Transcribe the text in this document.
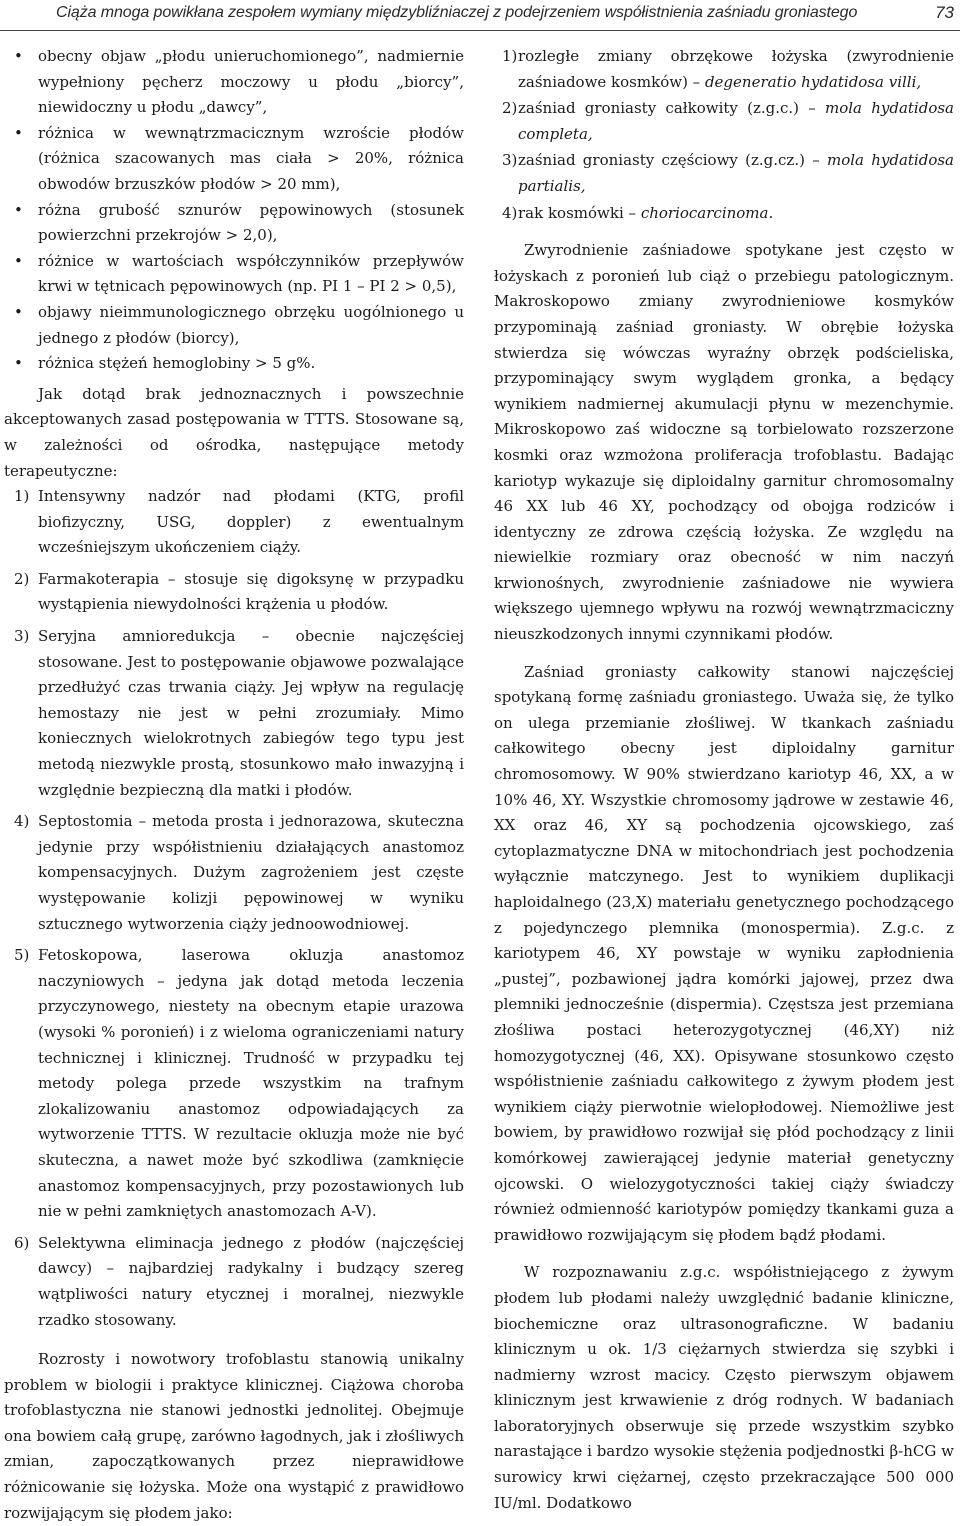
Ciąża mnoga powikłana zespołem wymiany międzybliźniaczej z podejrzeniem współistnienia zaśniadu groniastego	73
• obecny objaw „płodu unieruchomionego”, nadmiernie wypełniony pęcherz moczowy u płodu „biorcy”, niewidoczny u płodu „dawcy”,
• różnica w wewnątrzmacicznym wzroście płodów (różnica szacowanych mas ciała > 20%, różnica obwodów brzuszków płodów > 20 mm),
• różna grubość sznurów pępowinowych (stosunek powierzchni przekrojów > 2,0),
• różnice w wartościach współczynników przepływów krwi w tętnicach pępowinowych (np. PI 1 – PI 2 > 0,5),
• objawy nieimmunologicznego obrzęku uogólnionego u jednego z płodów (biorcy),
• różnica stężeń hemoglobiny > 5 g%.

Jak dotąd brak jednoznacznych i powszechnie akceptowanych zasad postępowania w TTTS. Stosowane są, w zależności od ośrodka, następujące metody terapeutyczne:

1) Intensywny nadzór nad płodami (KTG, profil biofizyczny, USG, doppler) z ewentualnym wcześniejszym ukończeniem ciąży.
2) Farmakoterapia – stosuje się digoksynę w przypadku wystąpienia niewydolności krążenia u płodów.
3) Seryjna amnioredukcja – obecnie najczęściej stosowane. Jest to postępowanie objawowe pozwalające przedłużyć czas trwania ciąży. Jej wpływ na regulację hemostazy nie jest w pełni zrozumiały. Mimo koniecznych wielokrotnych zabiegów tego typu jest metodą niezwykle prostą, stosunkowo mało inwazyjną i względnie bezpieczną dla matki i płodów.
4) Septostomia – metoda prosta i jednorazowa, skuteczna jedynie przy współistnieniu działających anastomoz kompensacyjnych. Dużym zagrożeniem jest częste występowanie kolizji pępowinowej w wyniku sztucznego wytworzenia ciąży jednoowodniowej.
5) Fetoskopowa, laserowa okluzja anastomoz naczyniowych – jedyna jak dotąd metoda leczenia przyczynowego, niestety na obecnym etapie urazowa (wysoki % poronień) i z wieloma ograniczeniami natury technicznej i klinicznej. Trudność w przypadku tej metody polega przede wszystkim na trafnym zlokalizowaniu anastomoz odpowiadających za wytworzenie TTTS. W rezultacie okluzja może nie być skuteczna, a nawet może być szkodliwa (zamknięcie anastomoz kompensacyjnych, przy pozostawionych lub nie w pełni zamkniętych anastomozach A-V).
6) Selektywna eliminacja jednego z płodów (najczęściej dawcy) – najbardziej radykalny i budzący szereg wątpliwości natury etycznej i moralnej, niezwykle rzadko stosowany.

Rozrosty i nowotwory trofoblastu stanowią unikalny problem w biologii i praktyce klinicznej. Ciążowa choroba trofoblastyczna nie stanowi jednostki jednolitej. Obejmuje ona bowiem całą grupę, zarówno łagodnych, jak i złośliwych zmian, zapoczątkowanych przez nieprawidłowe różnicowanie się łożyska. Może ona wystąpić z prawidłowo rozwijającym się płodem jako:

1) rozległe zmiany obrzękowe łożyska (zwyrodnienie zaśniadowe kosmków) – degeneratio hydatidosa villi,
2) zaśniad groniasty całkowity (z.g.c.) – mola hydatidosa completa,
3) zaśniad groniasty częściowy (z.g.cz.) – mola hydatidosa partialis,
4) rak kosmówki – choriocarcinoma.

Zwyrodnienie zaśniadowe spotykane jest często w łożyskach z poronień lub ciąż o przebiegu patologicznym. Makroskopowo zmiany zwyrodnieniowe kosmyków przypominają zaśniad groniasty. W obrębie łożyska stwierdza się wówczas wyraźny obrzęk podścieliska, przypominający swym wyglądem gronka, a będący wynikiem nadmiernej akumulacji płynu w mezenchymie. Mikroskopowo zaś widoczne są torbielowato rozszerzone kosmki oraz wzmożona proliferacja trofoblastu. Badając kariotyp wykazuje się diploidalny garnitur chromosomalny 46 XX lub 46 XY, pochodzący od obojga rodziców i identyczny ze zdrowa częścią łożyska. Ze względu na niewielkie rozmiary oraz obecność w nim naczyń krwionośnych, zwyrodnienie zaśniadowe nie wywiera większego ujemnego wpływu na rozwój wewnątrzmaciczny nieuszkodzonych innymi czynnikami płodów.

Zaśniad groniasty całkowity stanowi najczęściej spotykaną formę zaśniadu groniastego. Uważa się, że tylko on ulega przemianie złośliwej. W tkankach zaśniadu całkowitego obecny jest diploidalny garnitur chromosomowy. W 90% stwierdzano kariotyp 46, XX, a w 10% 46, XY. Wszystkie chromosomy jądrowe w zestawie 46, XX oraz 46, XY są pochodzenia ojcowskiego, zaś cytoplazmatyczne DNA w mitochondriach jest pochodzenia wyłącznie matczynego. Jest to wynikiem duplikacji haploidalnego (23,X) materiału genetycznego pochodzącego z pojedynczego plemnika (monospermia). Z.g.c. z kariotypem 46, XY powstaje w wyniku zapłodnienia „pustej”, pozbawionej jądra komórki jajowej, przez dwa plemniki jednocześnie (dispermia). Częstsza jest przemiana złośliwa postaci heterozygotycznej (46,XY) niż homozygotycznej (46, XX). Opisywane stosunkowo często współistnienie zaśniadu całkowitego z żywym płodem jest wynikiem ciąży pierwotnie wielopłodowej. Niemożliwe jest bowiem, by prawidłowo rozwijał się płód pochodzący z linii komórkowej zawierającej jedynie materiał genetyczny ojcowski. O wielozygotyczności takiej ciąży świadczy również odmienność kariotypów pomiędzy tkankami guza a prawidłowo rozwijającym się płodem bądź płodami.

W rozpoznawaniu z.g.c. współistniejącego z żywym płodem lub płodami należy uwzględnić badanie kliniczne, biochemiczne oraz ultrasonograficzne. W badaniu klinicznym u ok. 1/3 ciężarnych stwierdza się szybki i nadmierny wzrost macicy. Często pierwszym objawem klinicznym jest krwawienie z dróg rodnych. W badaniach laboratoryjnych obserwuje się przede wszystkim szybko narastające i bardzo wysokie stężenia podjednostki β-hCG w surowicy krwi ciężarnej, często przekraczające 500 000 IU/ml. Dodatkowo
